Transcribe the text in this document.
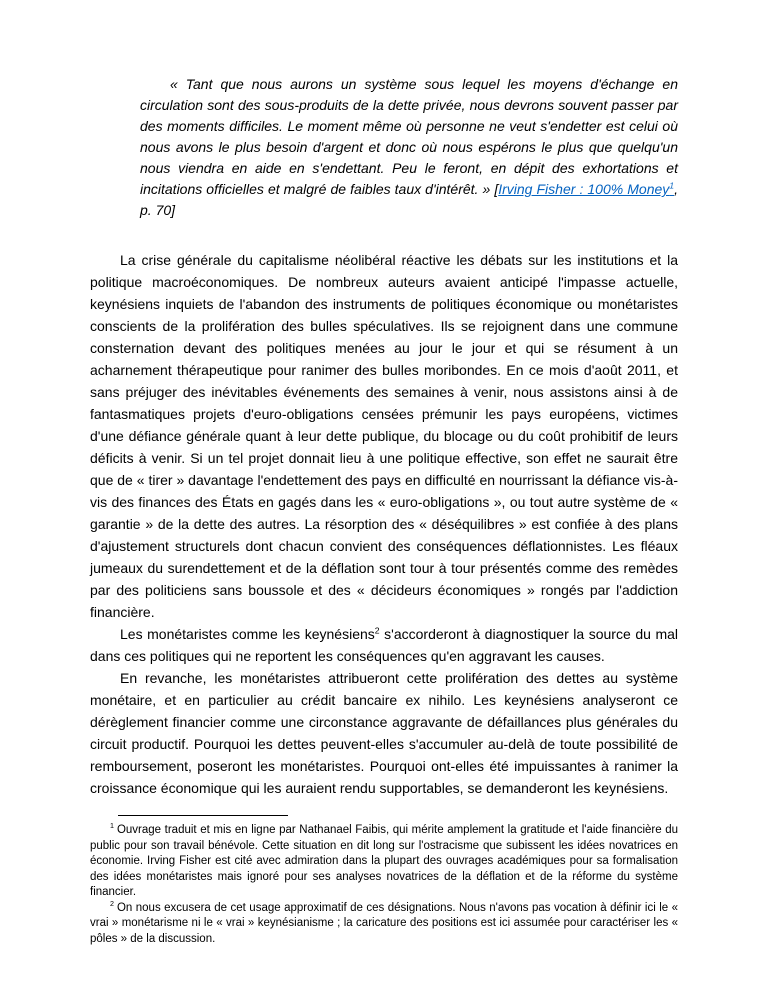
« Tant que nous aurons un système sous lequel les moyens d'échange en circulation sont des sous-produits de la dette privée, nous devrons souvent passer par des moments difficiles. Le moment même où personne ne veut s'endetter est celui où nous avons le plus besoin d'argent et donc où nous espérons le plus que quelqu'un nous viendra en aide en s'endettant. Peu le feront, en dépit des exhortations et incitations officielles et malgré de faibles taux d'intérêt. » [Irving Fisher : 100% Money$^1$, p. 70]

La crise générale du capitalisme néolibéral réactive les débats sur les institutions et la politique macroéconomiques. De nombreux auteurs avaient anticipé l'impasse actuelle, keynésiens inquiets de l'abandon des instruments de politiques économique ou monétaristes conscients de la prolifération des bulles spéculatives. Ils se rejoignent dans une commune consternation devant des politiques menées au jour le jour et qui se résument à un acharnement thérapeutique pour ranimer des bulles moribondes. En ce mois d'août 2011, et sans préjuger des inévitables événements des semaines à venir, nous assistons ainsi à de fantasmatiques projets d'euro-obligations censées prémunir les pays européens, victimes d'une défiance générale quant à leur dette publique, du blocage ou du coût prohibitif de leurs déficits à venir. Si un tel projet donnait lieu à une politique effective, son effet ne saurait être que de « tirer » davantage l'endettement des pays en difficulté en nourrissant la défiance vis-à-vis des finances des États en gagés dans les « euro-obligations », ou tout autre système de « garantie » de la dette des autres. La résorption des « déséquilibres » est confiée à des plans d'ajustement structurels dont chacun convient des conséquences déflationnistes. Les fléaux jumeaux du surendettement et de la déflation sont tour à tour présentés comme des remèdes par des politiciens sans boussole et des « décideurs économiques » rongés par l'addiction financière.

Les monétaristes comme les keynésiens$^2$ s'accorderont à diagnostiquer la source du mal dans ces politiques qui ne reportent les conséquences qu'en aggravant les causes.

En revanche, les monétaristes attribueront cette prolifération des dettes au système monétaire, et en particulier au crédit bancaire ex nihilo. Les keynésiens analyseront ce dérèglement financier comme une circonstance aggravante de défaillances plus générales du circuit productif. Pourquoi les dettes peuvent-elles s'accumuler au-delà de toute possibilité de remboursement, poseront les monétaristes. Pourquoi ont-elles été impuissantes à ranimer la croissance économique qui les auraient rendu supportables, se demanderont les keynésiens.

$^1$ Ouvrage traduit et mis en ligne par Nathanael Faibis, qui mérite amplement la gratitude et l'aide financière du public pour son travail bénévole. Cette situation en dit long sur l'ostracisme que subissent les idées novatrices en économie. Irving Fisher est cité avec admiration dans la plupart des ouvrages académiques pour sa formalisation des idées monétaristes mais ignoré pour ses analyses novatrices de la déflation et de la réforme du système financier.

$^2$ On nous excusera de cet usage approximatif de ces désignations. Nous n'avons pas vocation à définir ici le « vrai » monétarisme ni le « vrai » keynésianisme ; la caricature des positions est ici assumée pour caractériser les « pôles » de la discussion.
